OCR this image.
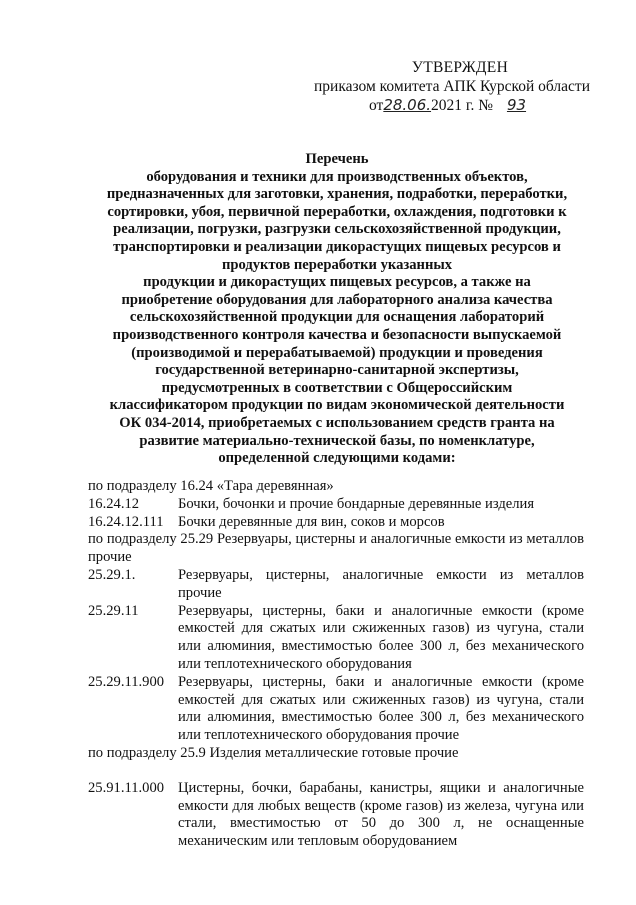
УТВЕРЖДЕН
приказом комитета АПК Курской области
от28.06.2021 г. № 93
Перечень
оборудования и техники для производственных объектов,
предназначенных для заготовки, хранения, подработки, переработки,
сортировки, убоя, первичной переработки, охлаждения, подготовки к
реализации, погрузки, разгрузки сельскохозяйственной продукции,
транспортировки и реализации дикорастущих пищевых ресурсов и
продуктов переработки указанных
продукции и дикорастущих пищевых ресурсов, а также на
приобретение оборудования для лабораторного анализа качества
сельскохозяйственной продукции для оснащения лабораторий
производственного контроля качества и безопасности выпускаемой
(производимой и перерабатываемой) продукции и проведения
государственной ветеринарно-санитарной экспертизы,
предусмотренных в соответствии с Общероссийским
классификатором продукции по видам экономической деятельности
ОК 034-2014, приобретаемых с использованием средств гранта на
развитие материально-технической базы, по номенклатуре,
определенной следующими кодами:
по подразделу 16.24 «Тара деревянная»
16.24.12	Бочки, бочонки и прочие бондарные деревянные изделия
16.24.12.111 Бочки деревянные для вин, соков и морсов
по подразделу 25.29 Резервуары, цистерны и аналогичные емкости из металлов прочие
25.29.1.	Резервуары, цистерны, аналогичные емкости из металлов прочие
25.29.11	Резервуары, цистерны, баки и аналогичные емкости (кроме емкостей для сжатых или сжиженных газов) из чугуна, стали или алюминия, вместимостью более 300 л, без механического или теплотехнического оборудования
25.29.11.900 Резервуары, цистерны, баки и аналогичные емкости (кроме емкостей для сжатых или сжиженных газов) из чугуна, стали или алюминия, вместимостью более 300 л, без механического или теплотехнического оборудования прочие
по подразделу 25.9 Изделия металлические готовые прочие
25.91.11.000 Цистерны, бочки, барабаны, канистры, ящики и аналогичные емкости для любых веществ (кроме газов) из железа, чугуна или стали, вместимостью от 50 до 300 л, не оснащенные механическим или тепловым оборудованием
